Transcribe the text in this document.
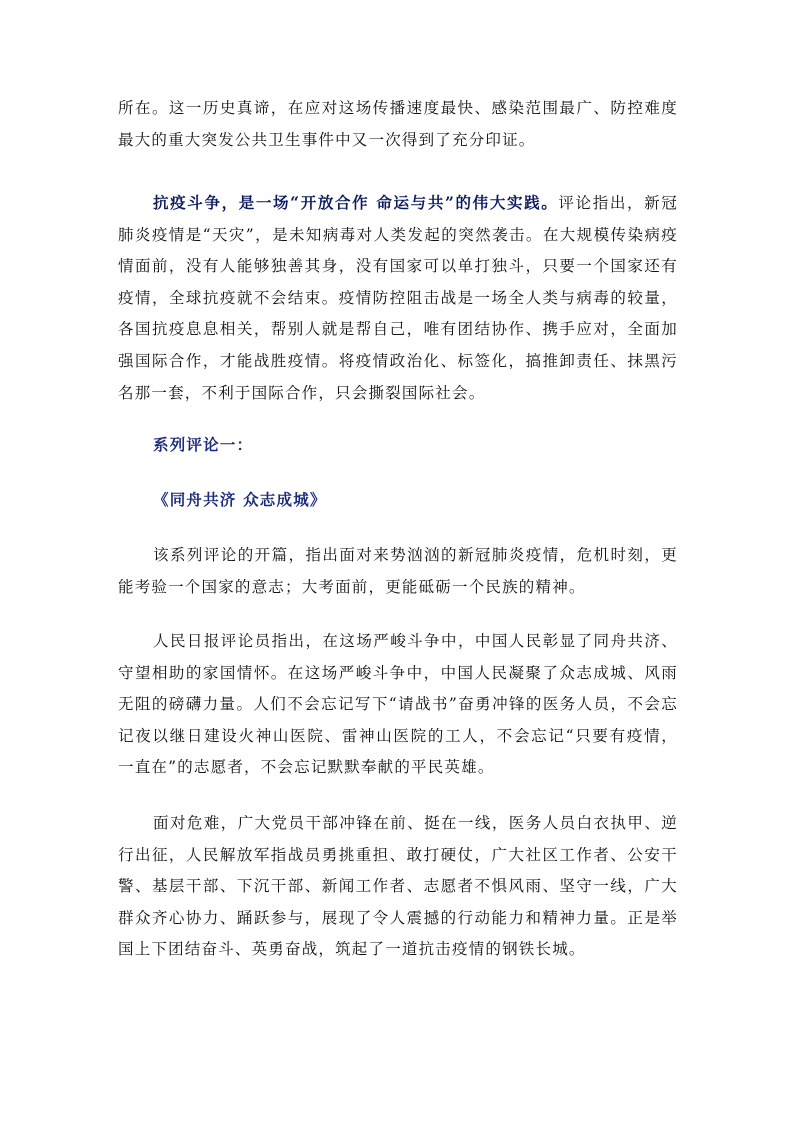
所在。这一历史真谛，在应对这场传播速度最快、感染范围最广、防控难度最大的重大突发公共卫生事件中又一次得到了充分印证。

抗疫斗争，是一场“开放合作 命运与共”的伟大实践。评论指出，新冠肺炎疫情是“天灾”，是未知病毒对人类发起的突然袭击。在大规模传染病疫情面前，没有人能够独善其身，没有国家可以单打独斗，只要一个国家还有疫情，全球抗疫就不会结束。疫情防控阻击战是一场全人类与病毒的较量，各国抗疫息息相关，帮别人就是帮自己，唯有团结协作、携手应对，全面加强国际合作，才能战胜疫情。将疫情政治化、标签化，搞推卸责任、抹黑污名那一套，不利于国际合作，只会撕裂国际社会。

系列评论一：

《同舟共济 众志成城》

该系列评论的开篇，指出面对来势汹汹的新冠肺炎疫情，危机时刻，更能考验一个国家的意志；大考面前，更能砥砺一个民族的精神。

人民日报评论员指出，在这场严峻斗争中，中国人民彰显了同舟共济、守望相助的家国情怀。在这场严峻斗争中，中国人民凝聚了众志成城、风雨无阻的磅礴力量。人们不会忘记写下“请战书”奋勇冲锋的医务人员，不会忘记夜以继日建设火神山医院、雷神山医院的工人，不会忘记“只要有疫情，一直在”的志愿者，不会忘记默默奉献的平民英雄。

面对危难，广大党员干部冲锋在前、挺在一线，医务人员白衣执甲、逆行出征，人民解放军指战员勇挑重担、敢打硬仗，广大社区工作者、公安干警、基层干部、下沉干部、新闻工作者、志愿者不惧风雨、坚守一线，广大群众齐心协力、踊跃参与，展现了令人震撼的行动能力和精神力量。正是举国上下团结奋斗、英勇奋战，筑起了一道抗击疫情的钢铁长城。
